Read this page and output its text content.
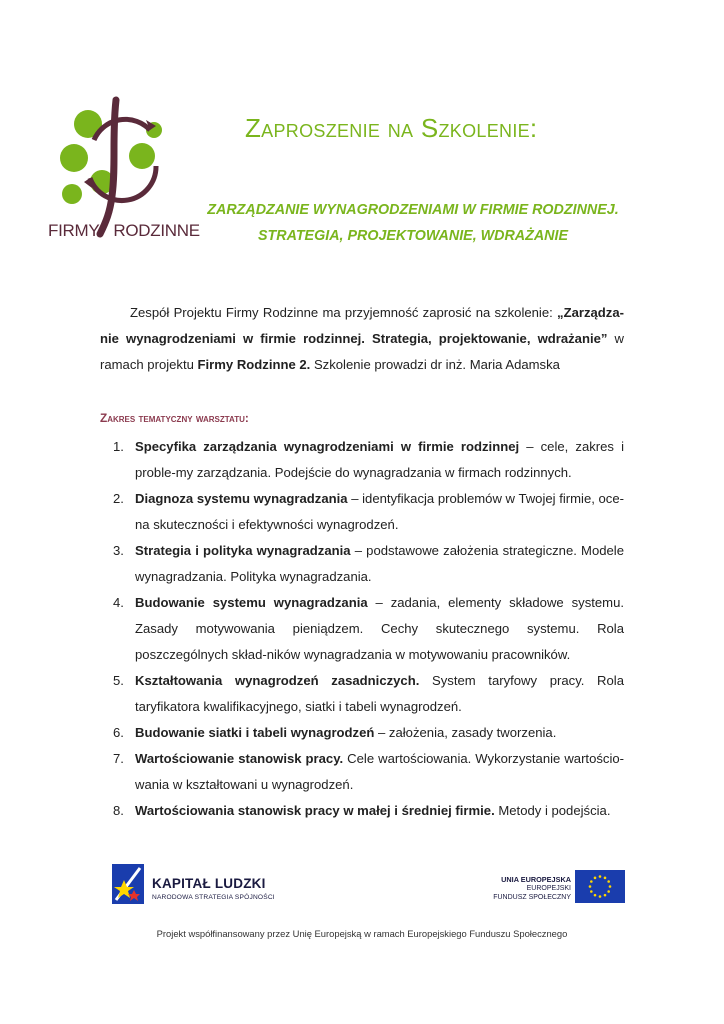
FIRMY RODZINNE
Zaproszenie na Szkolenie:
ZARZĄDZANIE WYNAGRODZENIAMI W FIRMIE RODZINNEJ.
STRATEGIA, PROJEKTOWANIE, WDRAŻANIE

Zespół Projektu Firmy Rodzinne ma przyjemność zaprosić na szkolenie: „Zarządza-nie wynagrodzeniami w firmie rodzinnej. Strategia, projektowanie, wdrażanie” w ramach projektu Firmy Rodzinne 2. Szkolenie prowadzi dr inż. Maria Adamska

Zakres tematyczny warsztatu:
1. Specyfika zarządzania wynagrodzeniami w firmie rodzinnej – cele, zakres i proble-my zarządzania. Podejście do wynagradzania w firmach rodzinnych.
2. Diagnoza systemu wynagradzania – identyfikacja problemów w Twojej firmie, oce-na skuteczności i efektywności wynagrodzeń.
3. Strategia i polityka wynagradzania – podstawowe założenia strategiczne. Modele wynagradzania. Polityka wynagradzania.
4. Budowanie systemu wynagradzania – zadania, elementy składowe systemu. Zasady motywowania pieniądzem. Cechy skutecznego systemu. Rola poszczególnych skład-ników wynagradzania w motywowaniu pracowników.
5. Kształtowania wynagrodzeń zasadniczych. System taryfowy pracy. Rola taryfikatora kwalifikacyjnego, siatki i tabeli wynagrodzeń.
6. Budowanie siatki i tabeli wynagrodzeń – założenia, zasady tworzenia.
7. Wartościowanie stanowisk pracy. Cele wartościowania. Wykorzystanie wartościo-wania w kształtowani u wynagrodzeń.
8. Wartościowania stanowisk pracy w małej i średniej firmie. Metody i podejścia.
KAPITAŁ LUDZKI
NARODOWA STRATEGIA SPÓJNOŚCI
UNIA EUROPEJSKA
EUROPEJSKI
FUNDUSZ SPOŁECZNY
Projekt współfinansowany przez Unię Europejską w ramach Europejskiego Funduszu Społecznego
